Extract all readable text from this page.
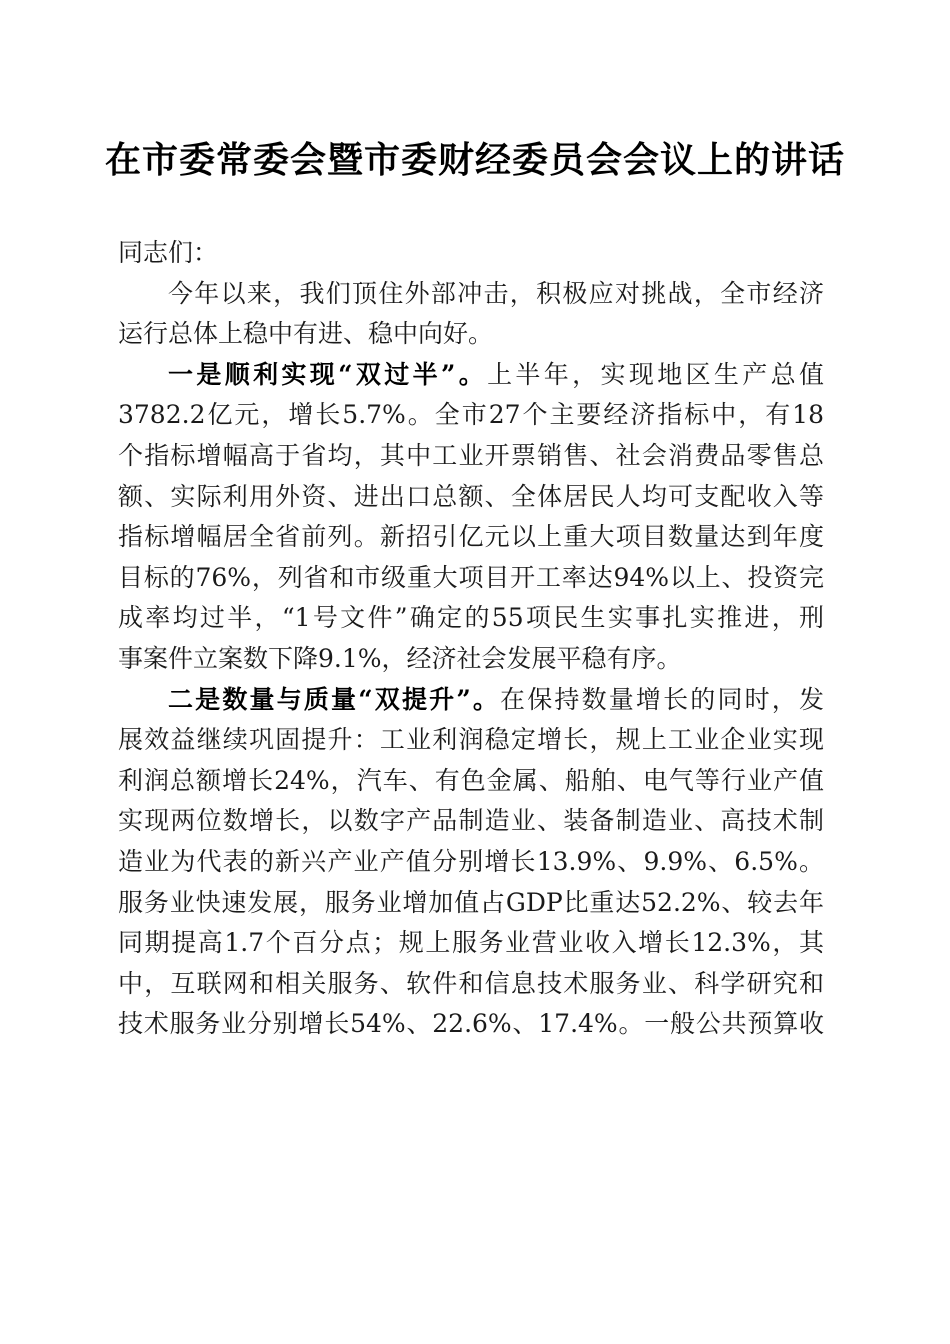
在市委常委会暨市委财经委员会会议上的讲话
同志们：
今年以来，我们顶住外部冲击，积极应对挑战，全市经济
运行总体上稳中有进、稳中向好。
一是顺利实现“双过半”。上半年，实现地区生产总值
3782.2亿元，增长5.7%。全市27个主要经济指标中，有18
个指标增幅高于省均，其中工业开票销售、社会消费品零售总
额、实际利用外资、进出口总额、全体居民人均可支配收入等
指标增幅居全省前列。新招引亿元以上重大项目数量达到年度
目标的76%，列省和市级重大项目开工率达94%以上、投资完
成率均过半，“1号文件”确定的55项民生实事扎实推进，刑
事案件立案数下降9.1%，经济社会发展平稳有序。
二是数量与质量“双提升”。在保持数量增长的同时，发
展效益继续巩固提升：工业利润稳定增长，规上工业企业实现
利润总额增长24%，汽车、有色金属、船舶、电气等行业产值
实现两位数增长，以数字产品制造业、装备制造业、高技术制
造业为代表的新兴产业产值分别增长13.9%、9.9%、6.5%。
服务业快速发展，服务业增加值占GDP比重达52.2%、较去年
同期提高1.7个百分点；规上服务业营业收入增长12.3%，其
中，互联网和相关服务、软件和信息技术服务业、科学研究和
技术服务业分别增长54%、22.6%、17.4%。一般公共预算收
